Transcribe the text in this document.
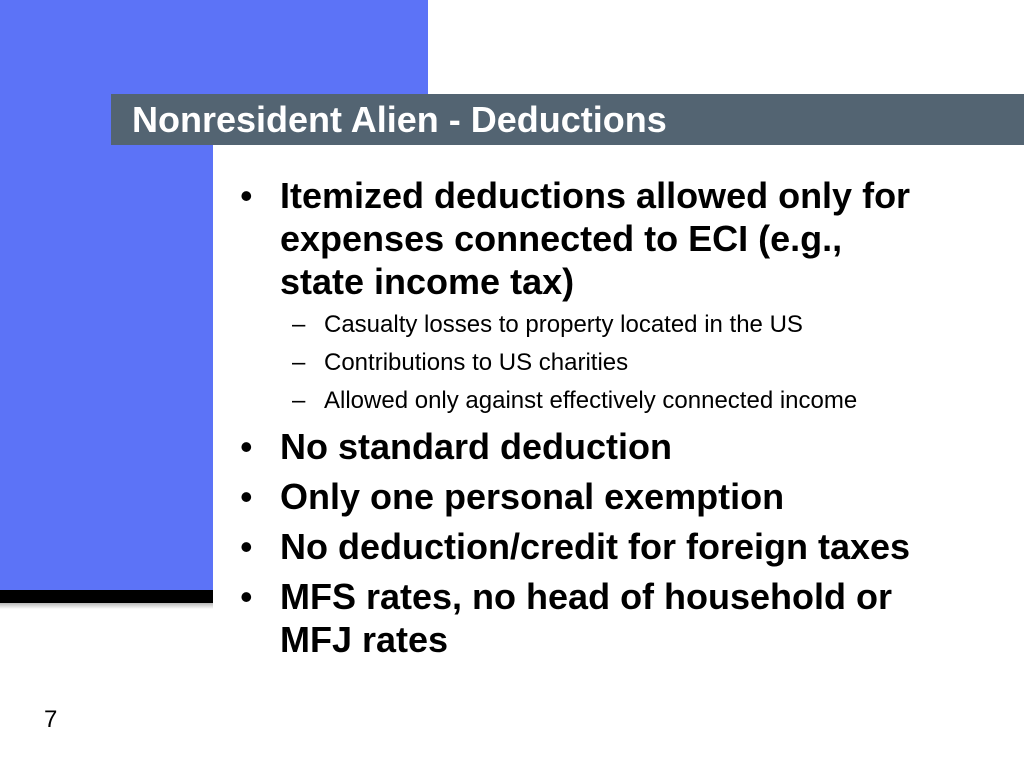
Nonresident Alien - Deductions
• Itemized deductions allowed only for expenses connected to ECI (e.g., state income tax)
– Casualty losses to property located in the US
– Contributions to US charities
– Allowed only against effectively connected income
• No standard deduction
• Only one personal exemption
• No deduction/credit for foreign taxes
• MFS rates, no head of household or MFJ rates
7
